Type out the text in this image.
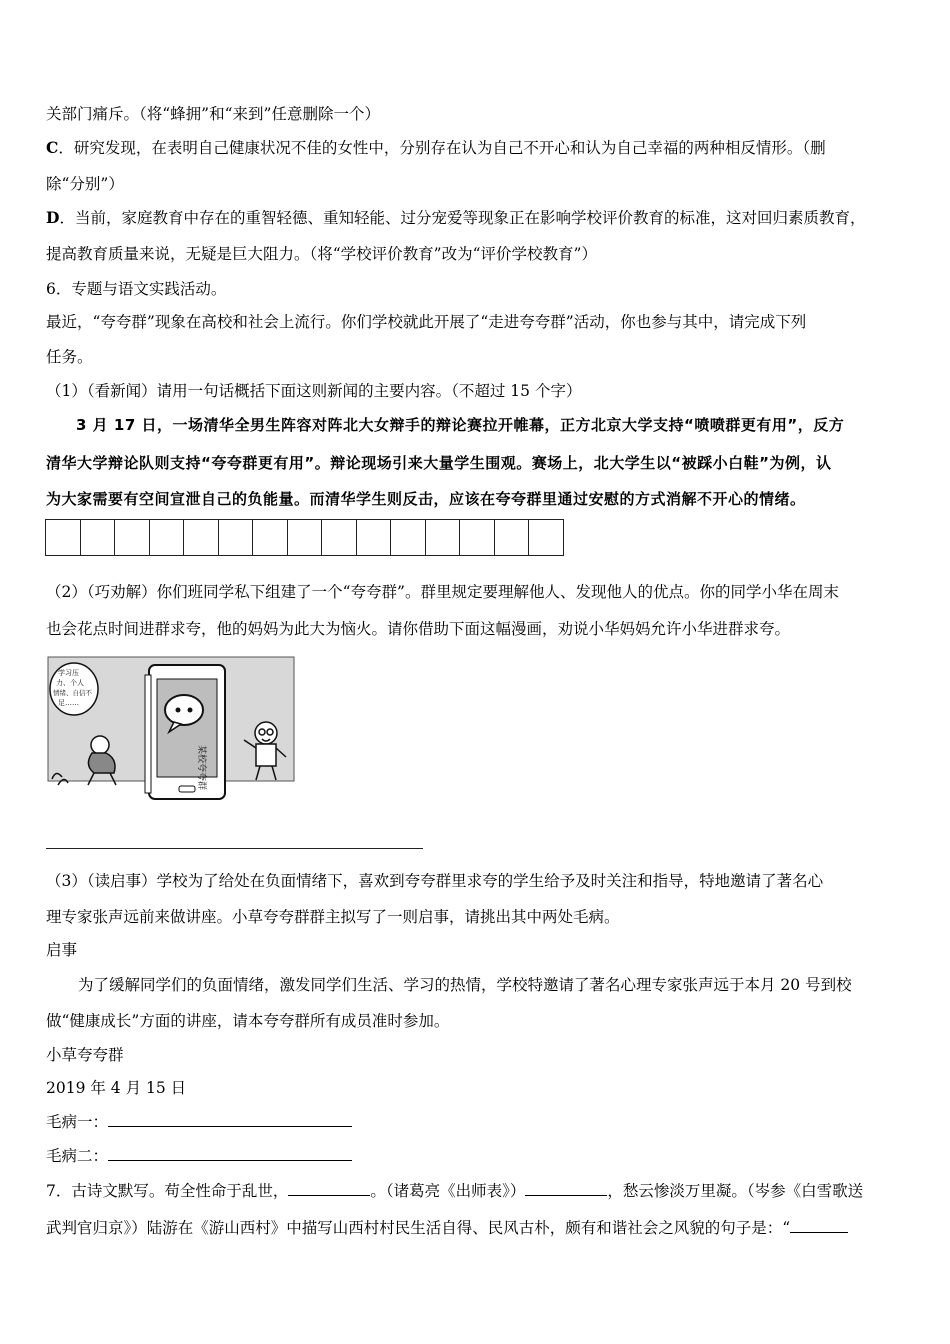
关部门痛斥。（将“蜂拥”和“来到”任意删除一个）
C．研究发现，在表明自己健康状况不佳的女性中，分别存在认为自己不开心和认为自己幸福的两种相反情形。（删
除“分别”）
D．当前，家庭教育中存在的重智轻德、重知轻能、过分宠爱等现象正在影响学校评价教育的标准，这对回归素质教育，
提高教育质量来说，无疑是巨大阻力。（将“学校评价教育”改为“评价学校教育”）
6．专题与语文实践活动。
最近，“夸夸群”现象在高校和社会上流行。你们学校就此开展了“走进夸夸群”活动，你也参与其中，请完成下列
任务。
（1）（看新闻）请用一句话概括下面这则新闻的主要内容。（不超过 15 个字）
3 月 17 日，一场清华全男生阵容对阵北大女辩手的辩论赛拉开帷幕，正方北京大学支持“喷喷群更有用”，反方
清华大学辩论队则支持“夸夸群更有用”。辩论现场引来大量学生围观。赛场上，北大学生以“被踩小白鞋”为例，认
为大家需要有空间宣泄自己的负能量。而清华学生则反击，应该在夸夸群里通过安慰的方式消解不开心的情绪。
（2）（巧劝解）你们班同学私下组建了一个“夸夸群”。群里规定要理解他人、发现他人的优点。你的同学小华在周末
也会花点时间进群求夸，他的妈妈为此大为恼火。请你借助下面这幅漫画，劝说小华妈妈允许小华进群求夸。
某校夸夸群
学习压
力、个人
情绪、自信不
足……
（3）（读启事）学校为了给处在负面情绪下，喜欢到夸夸群里求夸的学生给予及时关注和指导，特地邀请了著名心
理专家张声远前来做讲座。小草夸夸群群主拟写了一则启事，请挑出其中两处毛病。
启事
为了缓解同学们的负面情绪，激发同学们生活、学习的热情，学校特邀请了著名心理专家张声远于本月 20 号到校
做“健康成长”方面的讲座，请本夸夸群所有成员准时参加。
小草夸夸群
2019 年 4 月 15 日
毛病一：
毛病二：
7．古诗文默写。苟全性命于乱世，	。（诸葛亮《出师表》）	，愁云惨淡万里凝。（岑参《白雪歌送
武判官归京》）陆游在《游山西村》中描写山西村村民生活自得、民风古朴，颇有和谐社会之风貌的句子是：“
